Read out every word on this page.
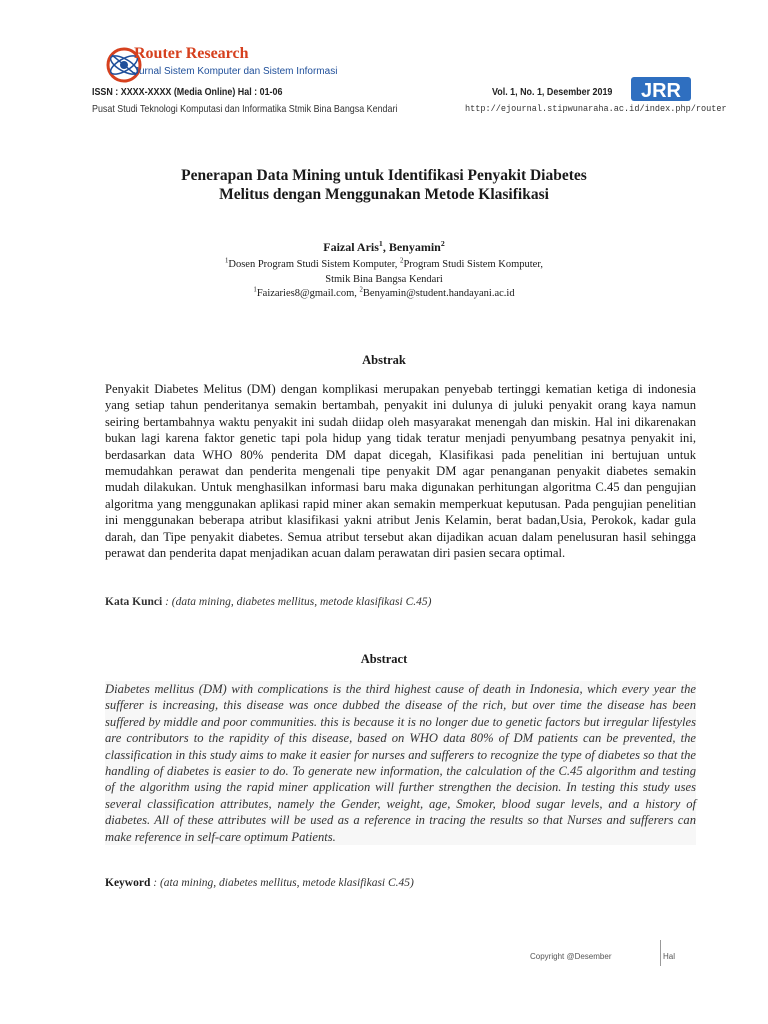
Router Research
Jurnal Sistem Komputer dan Sistem Informasi
ISSN : XXXX-XXXX (Media Online) Hal : 01-06
Pusat Studi Teknologi Komputasi dan Informatika Stmik Bina Bangsa Kendari
Vol. 1, No. 1, Desember 2019
http://ejournal.stipwunaraha.ac.id/index.php/router
JRR
Penerapan Data Mining untuk Identifikasi Penyakit Diabetes
Melitus dengan Menggunakan Metode Klasifikasi
Faizal Aris$^1$, Benyamin$^2$
$^1$Dosen Program Studi Sistem Komputer, $^2$Program Studi Sistem Komputer,
Stmik Bina Bangsa Kendari
$^1$Faizaries8@gmail.com, $^2$Benyamin@student.handayani.ac.id
Abstrak
Penyakit Diabetes Melitus (DM) dengan komplikasi merupakan penyebab tertinggi kematian ketiga di indonesia yang setiap tahun penderitanya semakin bertambah, penyakit ini dulunya di juluki penyakit orang kaya namun seiring bertambahnya waktu penyakit ini sudah diidap oleh masyarakat menengah dan miskin. Hal ini dikarenakan bukan lagi karena faktor genetic tapi pola hidup yang tidak teratur menjadi penyumbang pesatnya penyakit ini, berdasarkan data WHO 80% penderita DM dapat dicegah, Klasifikasi pada penelitian ini bertujuan untuk memudahkan perawat dan penderita mengenali tipe penyakit DM agar penanganan penyakit diabetes semakin mudah dilakukan. Untuk menghasilkan informasi baru maka digunakan perhitungan algoritma C.45 dan pengujian algoritma yang menggunakan aplikasi rapid miner akan semakin memperkuat keputusan. Pada pengujian penelitian ini menggunakan beberapa atribut klasifikasi yakni atribut Jenis Kelamin, berat badan,Usia, Perokok, kadar gula darah, dan Tipe penyakit diabetes. Semua atribut tersebut akan dijadikan acuan dalam penelusuran hasil sehingga perawat dan penderita dapat menjadikan acuan dalam perawatan diri pasien secara optimal.
Kata Kunci : (data mining, diabetes mellitus, metode klasifikasi C.45)
Abstract
Diabetes mellitus (DM) with complications is the third highest cause of death in Indonesia, which every year the sufferer is increasing, this disease was once dubbed the disease of the rich, but over time the disease has been suffered by middle and poor communities. this is because it is no longer due to genetic factors but irregular lifestyles are contributors to the rapidity of this disease, based on WHO data 80% of DM patients can be prevented, the classification in this study aims to make it easier for nurses and sufferers to recognize the type of diabetes so that the handling of diabetes is easier to do. To generate new information, the calculation of the C.45 algorithm and testing of the algorithm using the rapid miner application will further strengthen the decision. In testing this study uses several classification attributes, namely the Gender, weight, age, Smoker, blood sugar levels, and a history of diabetes. All of these attributes will be used as a reference in tracing the results so that Nurses and sufferers can make reference in self-care optimum Patients.
Keyword : (ata mining, diabetes mellitus, metode klasifikasi C.45)
Copyright @Desember	Hal
